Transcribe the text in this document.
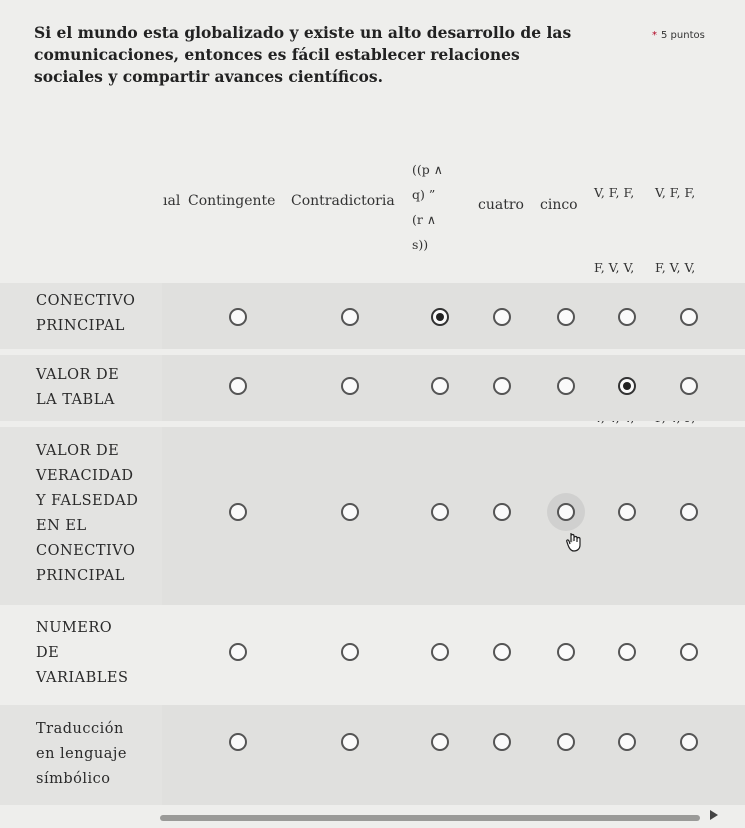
Si el mundo esta globalizado y existe un alto desarrollo de las comunicaciones, entonces es fácil establecer relaciones sociales y compartir avances científicos.
* 5 puntos
ıal Contingente Contradictoria
((p ∧
q) ”
(r ∧
s))
cuatro cinco

V, F, F,

F, V, V,

V, F, F,

F, V, V,

CONECTIVO
PRINCIPAL
VALOR DE
LA TABLA
VALOR DE
VERACIDAD
Y FALSEDAD
EN EL
CONECTIVO
PRINCIPAL
NUMERO
DE
VARIABLES
Traducción
en lenguaje
símbólico
